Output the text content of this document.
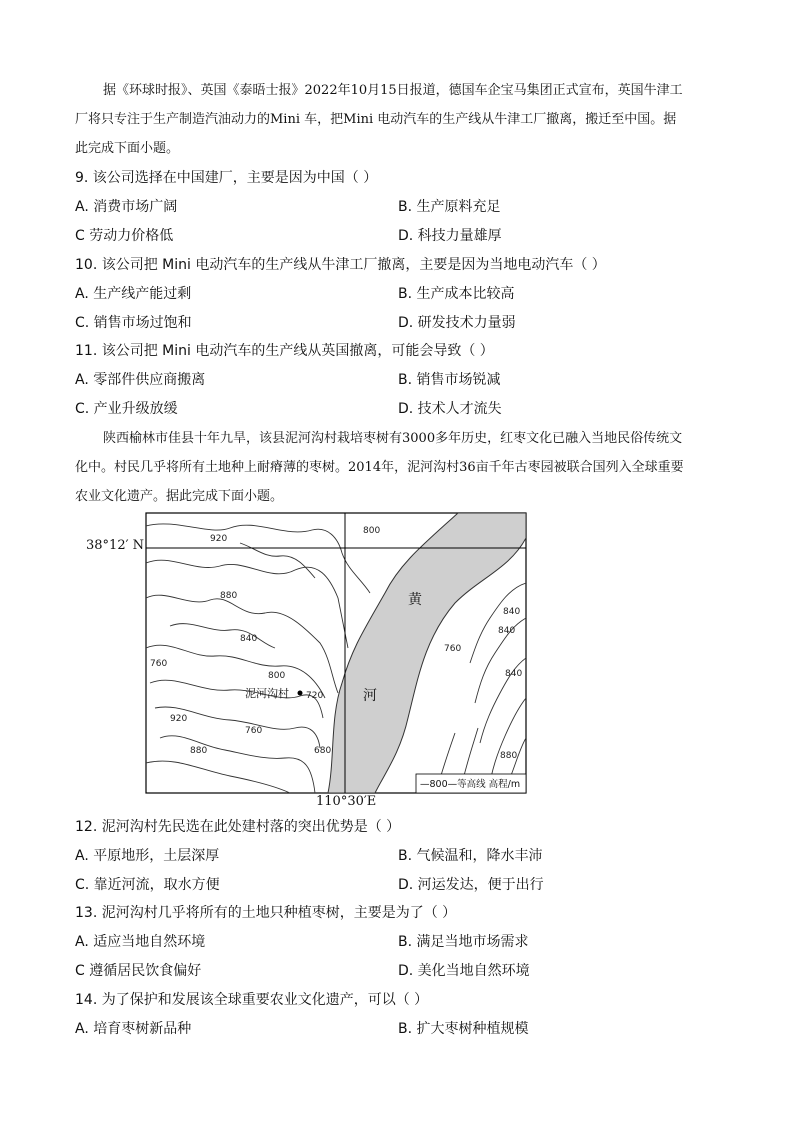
据《环球时报》、英国《泰晤士报》2022年10月15日报道，德国车企宝马集团正式宣布，英国牛津工
厂将只专注于生产制造汽油动力的Mini 车，把Mini 电动汽车的生产线从牛津工厂撤离，搬迁至中国。据
此完成下面小题。
9. 该公司选择在中国建厂，主要是因为中国（ ）
A. 消费市场广阔	B. 生产原料充足
C 劳动力价格低	D. 科技力量雄厚
10. 该公司把 Mini 电动汽车的生产线从牛津工厂撤离，主要是因为当地电动汽车（ ）
A. 生产线产能过剩	B. 生产成本比较高
C. 销售市场过饱和	D. 研发技术力量弱
11. 该公司把 Mini 电动汽车的生产线从英国撤离，可能会导致（ ）
A. 零部件供应商搬离	B. 销售市场锐减
C. 产业升级放缓	D. 技术人才流失
陕西榆林市佳县十年九旱，该县泥河沟村栽培枣树有3000多年历史，红枣文化已融入当地民俗传统文
化中。村民几乎将所有土地种上耐瘠薄的枣树。2014年，泥河沟村36亩千年古枣园被联合国列入全球重要
农业文化遗产。据此完成下面小题。
38°12′ N
110°30′E
920
920
880
880
840
840
840
840
800
800
760
760
760
720
680	880
黄
河
泥河沟村
—800—等高线 高程/m
12. 泥河沟村先民选在此处建村落的突出优势是（ ）
A. 平原地形，土层深厚	B. 气候温和，降水丰沛
C. 靠近河流，取水方便	D. 河运发达，便于出行
13. 泥河沟村几乎将所有的土地只种植枣树，主要是为了（ ）
A. 适应当地自然环境	B. 满足当地市场需求
C 遵循居民饮食偏好	D. 美化当地自然环境
14. 为了保护和发展该全球重要农业文化遗产，可以（ ）
A. 培育枣树新品种	B. 扩大枣树种植规模
